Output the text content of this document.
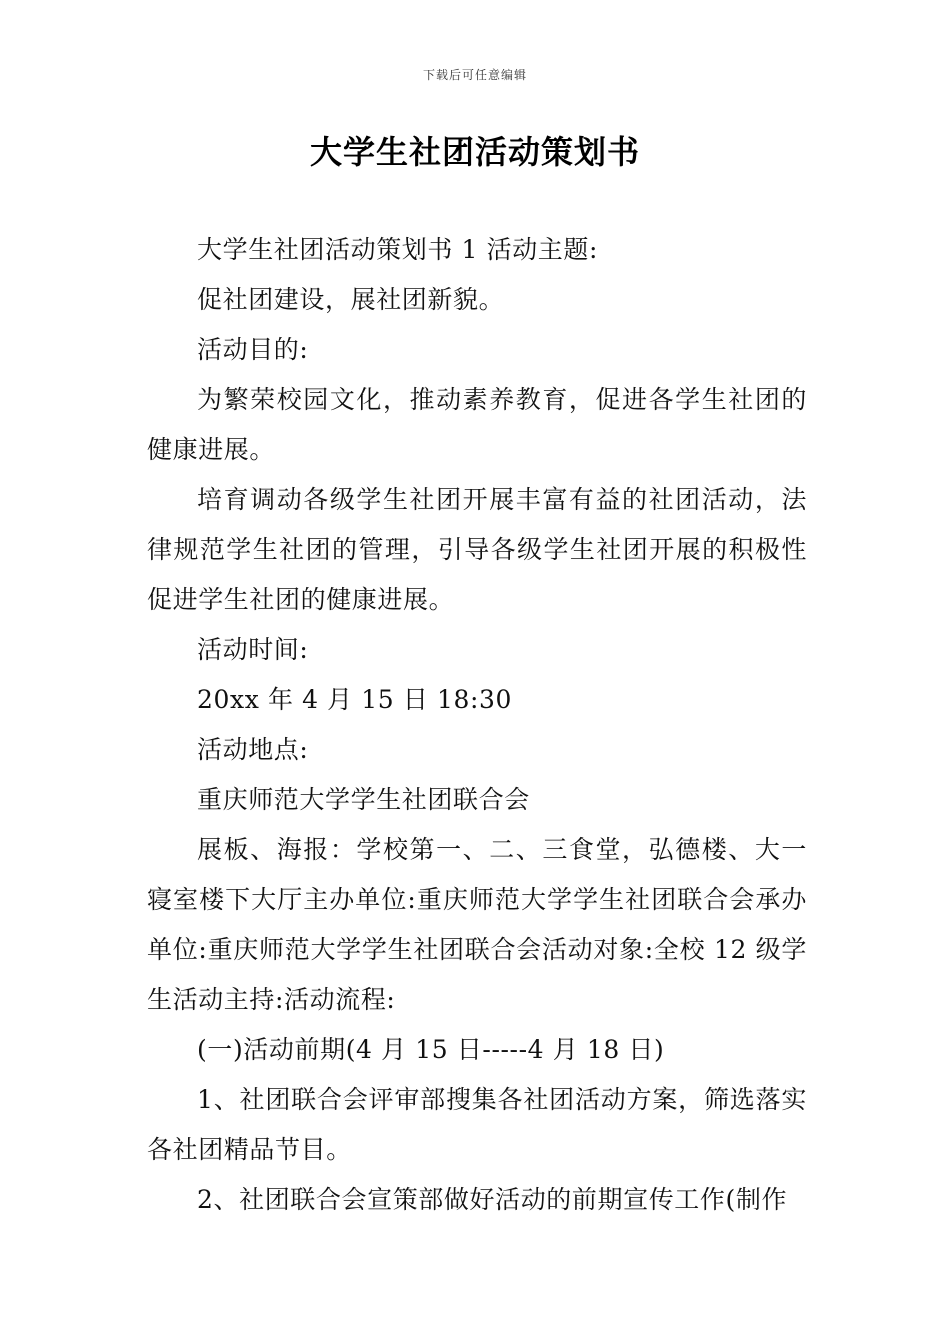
下载后可任意编辑
大学生社团活动策划书

大学生社团活动策划书 1 活动主题:

促社团建设，展社团新貌。

活动目的:

为繁荣校园文化，推动素养教育，促进各学生社团的健康进展。

培育调动各级学生社团开展丰富有益的社团活动，法律规范学生社团的管理，引导各级学生社团开展的积极性促进学生社团的健康进展。

活动时间:

20xx 年 4 月 15 日 18:30

活动地点:

重庆师范大学学生社团联合会

展板、海报：学校第一、二、三食堂，弘德楼、大一寝室楼下大厅主办单位:重庆师范大学学生社团联合会承办单位:重庆师范大学学生社团联合会活动对象:全校 12 级学生活动主持:活动流程:

(一)活动前期(4 月 15 日-----4 月 18 日)

1、社团联合会评审部搜集各社团活动方案，筛选落实各社团精品节目。

2、社团联合会宣策部做好活动的前期宣传工作(制作
